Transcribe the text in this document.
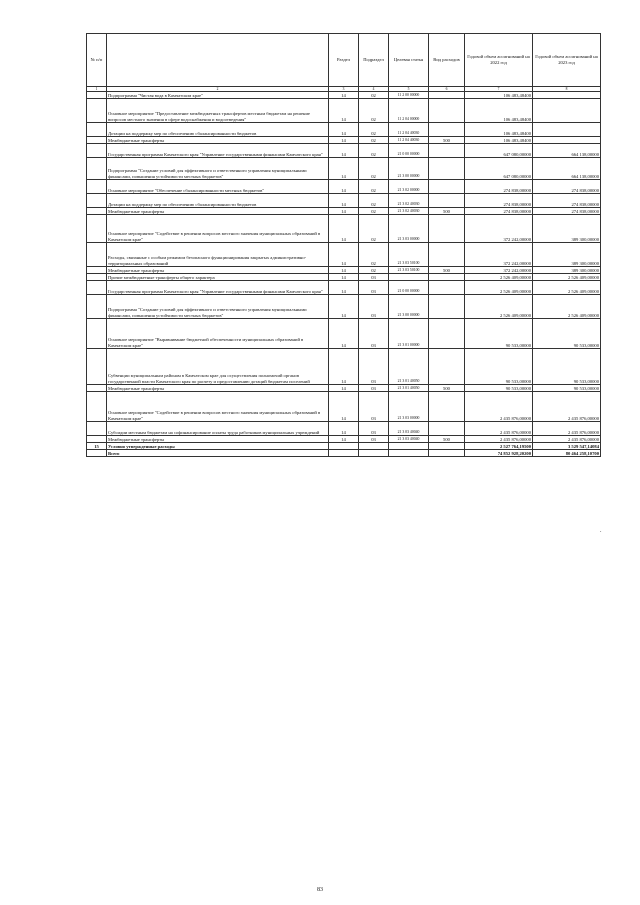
№ п/п		Раздел	Подраздел	Целевая статья	Вид расходов	Годовой объем ассигнований на 2022 год	Годовой объем ассигнований на 2023 год
1	2	3	4	5	6	7	8
	Подпрограмма "Чистая вода в Камчатском крае"	14	02	11 2 00 00000		106 483,48400	
	Основное мероприятие "Предоставление межбюджетных трансфертов местным бюджетам на решение вопросов местного значения в сфере водоснабжения и водоотведения"	14	02	11 2 04 00000		106 483,48400	
	Дотации на поддержку мер по обеспечению сбалансированности бюджетов	14	02	11 2 04 40030		106 483,48400	
	Межбюджетные трансферты	14	02	11 2 04 40030	500	106 483,48400	
	Государственная программа Камчатского края "Управление государственными финансами Камчатского края"	14	02	21 0 00 00000		647 080,00000	664 138,00000
	Подпрограмма "Создание условий для эффективного и ответственного управления муниципальными финансами, повышения устойчивости местных бюджетов"	14	02	21 3 00 00000		647 080,00000	664 138,00000
	Основное мероприятие "Обеспечение сбалансированности местных бюджетов"	14	02	21 3 02 00000		274 838,00000	274 838,00000
	Дотации на поддержку мер по обеспечению сбалансированности бюджетов	14	02	21 3 02 40030		274 838,00000	274 838,00000
	Межбюджетные трансферты	14	02	21 3 02 40030	500	274 838,00000	274 838,00000
	Основное мероприятие "Содействие в решении вопросов местного значения муниципальных образований в Камчатском крае"	14	02	21 3 03 00000		372 242,00000	389 300,00000
	Расходы, связанные с особым режимом безопасного функционирования закрытых административно-территориальных образований	14	02	21 3 03 50100		372 242,00000	389 300,00000
	Межбюджетные трансферты	14	02	21 3 03 50100	500	372 242,00000	389 300,00000
	Прочие межбюджетные трансферты общего характера	14	03			2 526 409,00000	2 526 409,00000
	Государственная программа Камчатского края "Управление государственными финансами Камчатского края"	14	03	21 0 00 00000		2 526 409,00000	2 526 409,00000
	Подпрограмма "Создание условий для эффективного и ответственного управления муниципальными финансами, повышения устойчивости местных бюджетов"	14	03	21 3 00 00000		2 526 409,00000	2 526 409,00000
	Основное мероприятие "Выравнивание бюджетной обеспеченности муниципальных образований в Камчатском крае"	14	03	21 3 01 00000		90 533,00000	90 533,00000
	Субвенции муниципальным районам в Камчатском крае для осуществления полномочий органов государственной власти Камчатского края по расчету и предоставлению дотаций бюджетам поселений	14	03	21 3 01 40050		90 533,00000	90 533,00000
	Межбюджетные трансферты	14	03	21 3 01 40050	500	90 533,00000	90 533,00000
	Основное мероприятие "Содействие в решении вопросов местного значения муниципальных образований в Камчатском крае"	14	03	21 3 03 00000		2 435 876,00000	2 435 876,00000
	Субсидии местным бюджетам на софинансирование оплаты труда работников муниципальных учреждений	14	03	21 3 03 40040		2 435 876,00000	2 435 876,00000
	Межбюджетные трансферты	14	03	21 3 03 40040	500	2 435 876,00000	2 435 876,00000
15	Условно утвержденные расходы					2 527 764,19500	3 529 547,14084
	Всего					74 852 928,20200	80 464 258,10700
83
.
